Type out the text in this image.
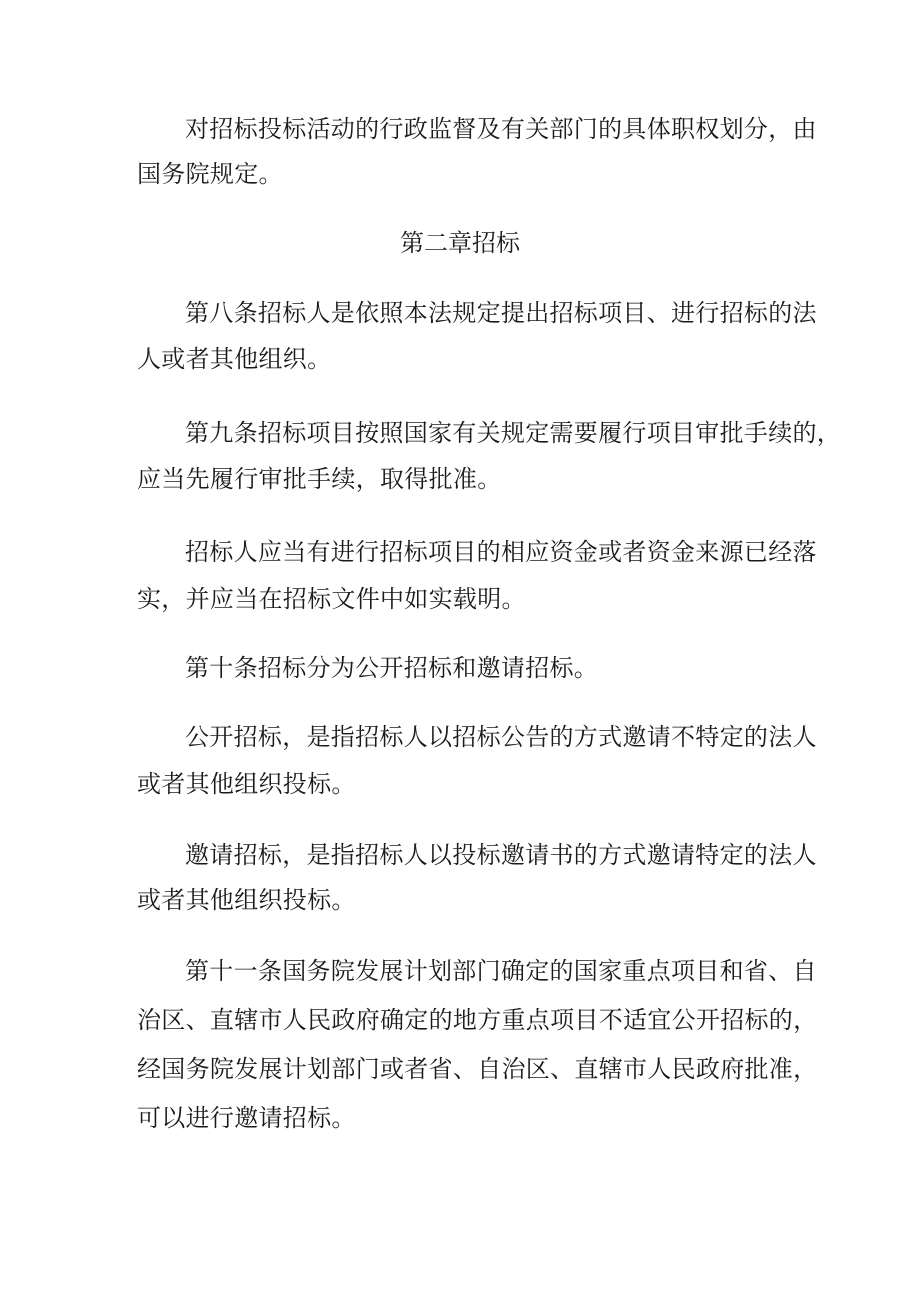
对招标投标活动的行政监督及有关部门的具体职权划分，由
国务院规定。
第二章招标
第八条招标人是依照本法规定提出招标项目、进行招标的法
人或者其他组织。
第九条招标项目按照国家有关规定需要履行项目审批手续的，
应当先履行审批手续，取得批准。
招标人应当有进行招标项目的相应资金或者资金来源已经落
实，并应当在招标文件中如实载明。
第十条招标分为公开招标和邀请招标。
公开招标，是指招标人以招标公告的方式邀请不特定的法人
或者其他组织投标。
邀请招标，是指招标人以投标邀请书的方式邀请特定的法人
或者其他组织投标。
第十一条国务院发展计划部门确定的国家重点项目和省、自
治区、直辖市人民政府确定的地方重点项目不适宜公开招标的，
经国务院发展计划部门或者省、自治区、直辖市人民政府批准，
可以进行邀请招标。
